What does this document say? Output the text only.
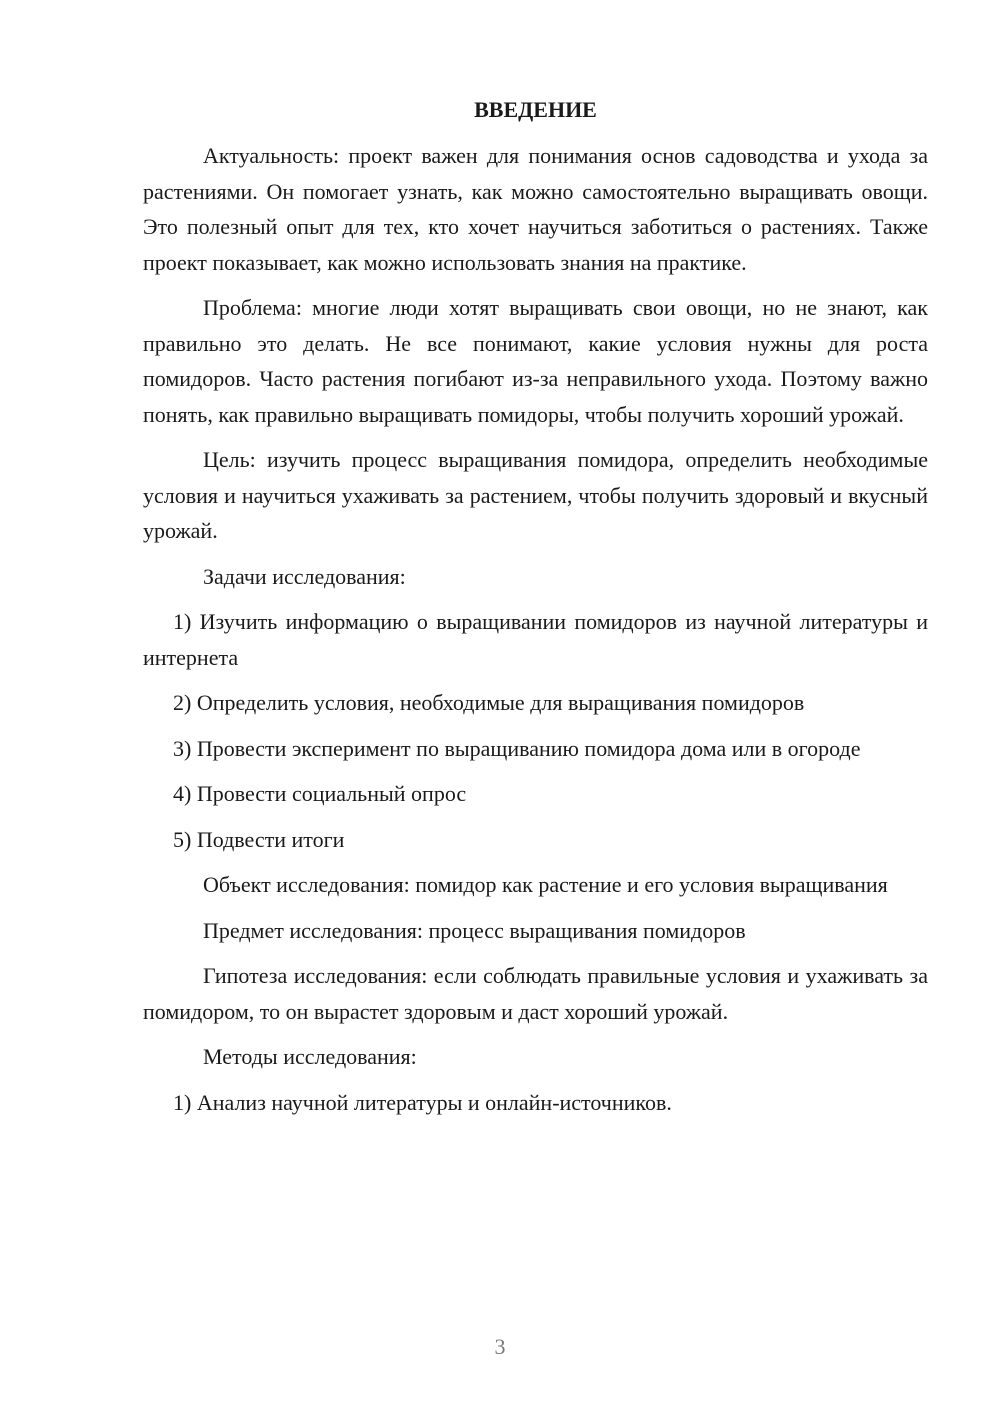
ВВЕДЕНИЕ

Актуальность: проект важен для понимания основ садоводства и ухода за растениями. Он помогает узнать, как можно самостоятельно выращивать овощи. Это полезный опыт для тех, кто хочет научиться заботиться о растениях. Также проект показывает, как можно использовать знания на практике.

Проблема: многие люди хотят выращивать свои овощи, но не знают, как правильно это делать. Не все понимают, какие условия нужны для роста помидоров. Часто растения погибают из-за неправильного ухода. Поэтому важно понять, как правильно выращивать помидоры, чтобы получить хороший урожай.

Цель: изучить процесс выращивания помидора, определить необходимые условия и научиться ухаживать за растением, чтобы получить здоровый и вкусный урожай.

Задачи исследования:

1) Изучить информацию о выращивании помидоров из научной литературы и интернета

2) Определить условия, необходимые для выращивания помидоров

3) Провести эксперимент по выращиванию помидора дома или в огороде

4) Провести социальный опрос

5) Подвести итоги

Объект исследования: помидор как растение и его условия выращивания

Предмет исследования: процесс выращивания помидоров

Гипотеза исследования: если соблюдать правильные условия и ухаживать за помидором, то он вырастет здоровым и даст хороший урожай.

Методы исследования:

1) Анализ научной литературы и онлайн-источников.

3
